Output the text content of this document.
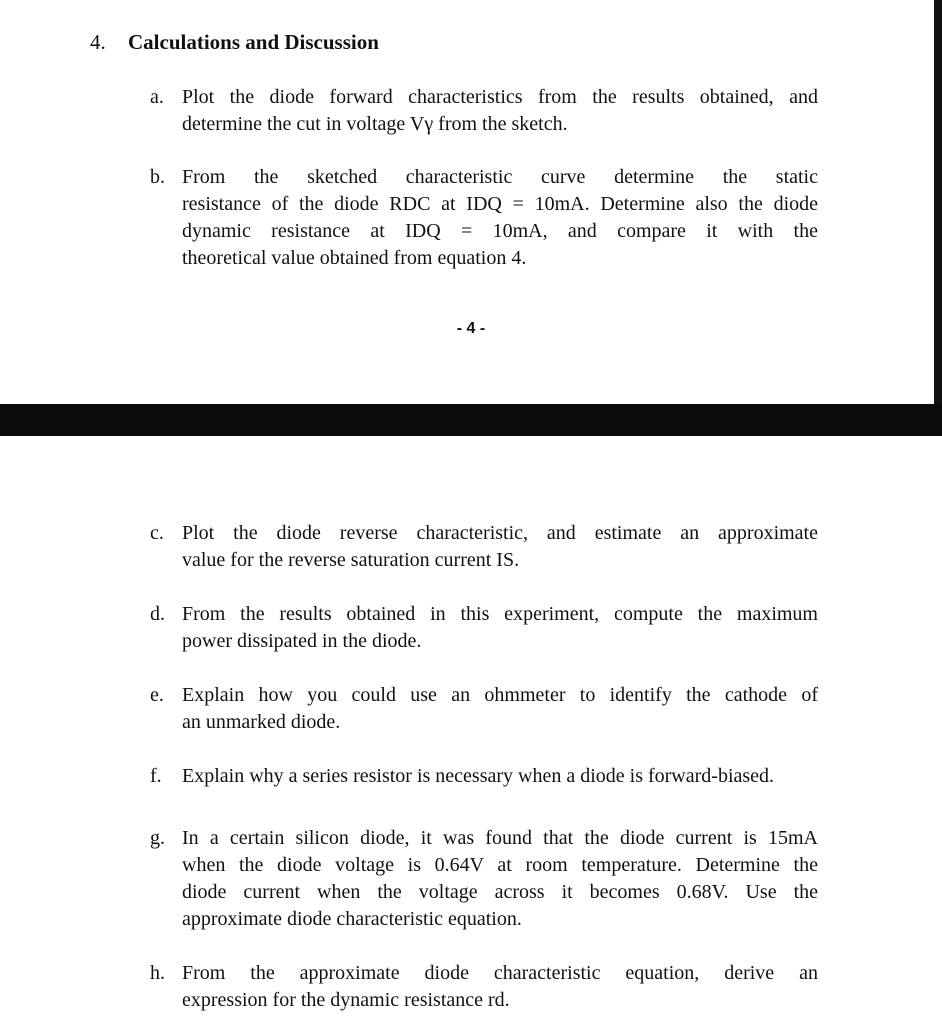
4. Calculations and Discussion
a. Plot the diode forward characteristics from the results obtained, and
determine the cut in voltage Vγ from the sketch.
b. From the sketched characteristic curve determine the static
resistance of the diode RDC at IDQ = 10mA. Determine also the diode
dynamic resistance at IDQ = 10mA, and compare it with the
theoretical value obtained from equation 4.
- 4 -
c. Plot the diode reverse characteristic, and estimate an approximate
value for the reverse saturation current IS.
d. From the results obtained in this experiment, compute the maximum
power dissipated in the diode.
e. Explain how you could use an ohmmeter to identify the cathode of
an unmarked diode.
f.	Explain why a series resistor is necessary when a diode is forward-biased.
g. In a certain silicon diode, it was found that the diode current is 15mA
when the diode voltage is 0.64V at room temperature. Determine the
diode current when the voltage across it becomes 0.68V. Use the
approximate diode characteristic equation.
h. From the approximate diode characteristic equation, derive an
expression for the dynamic resistance rd.
